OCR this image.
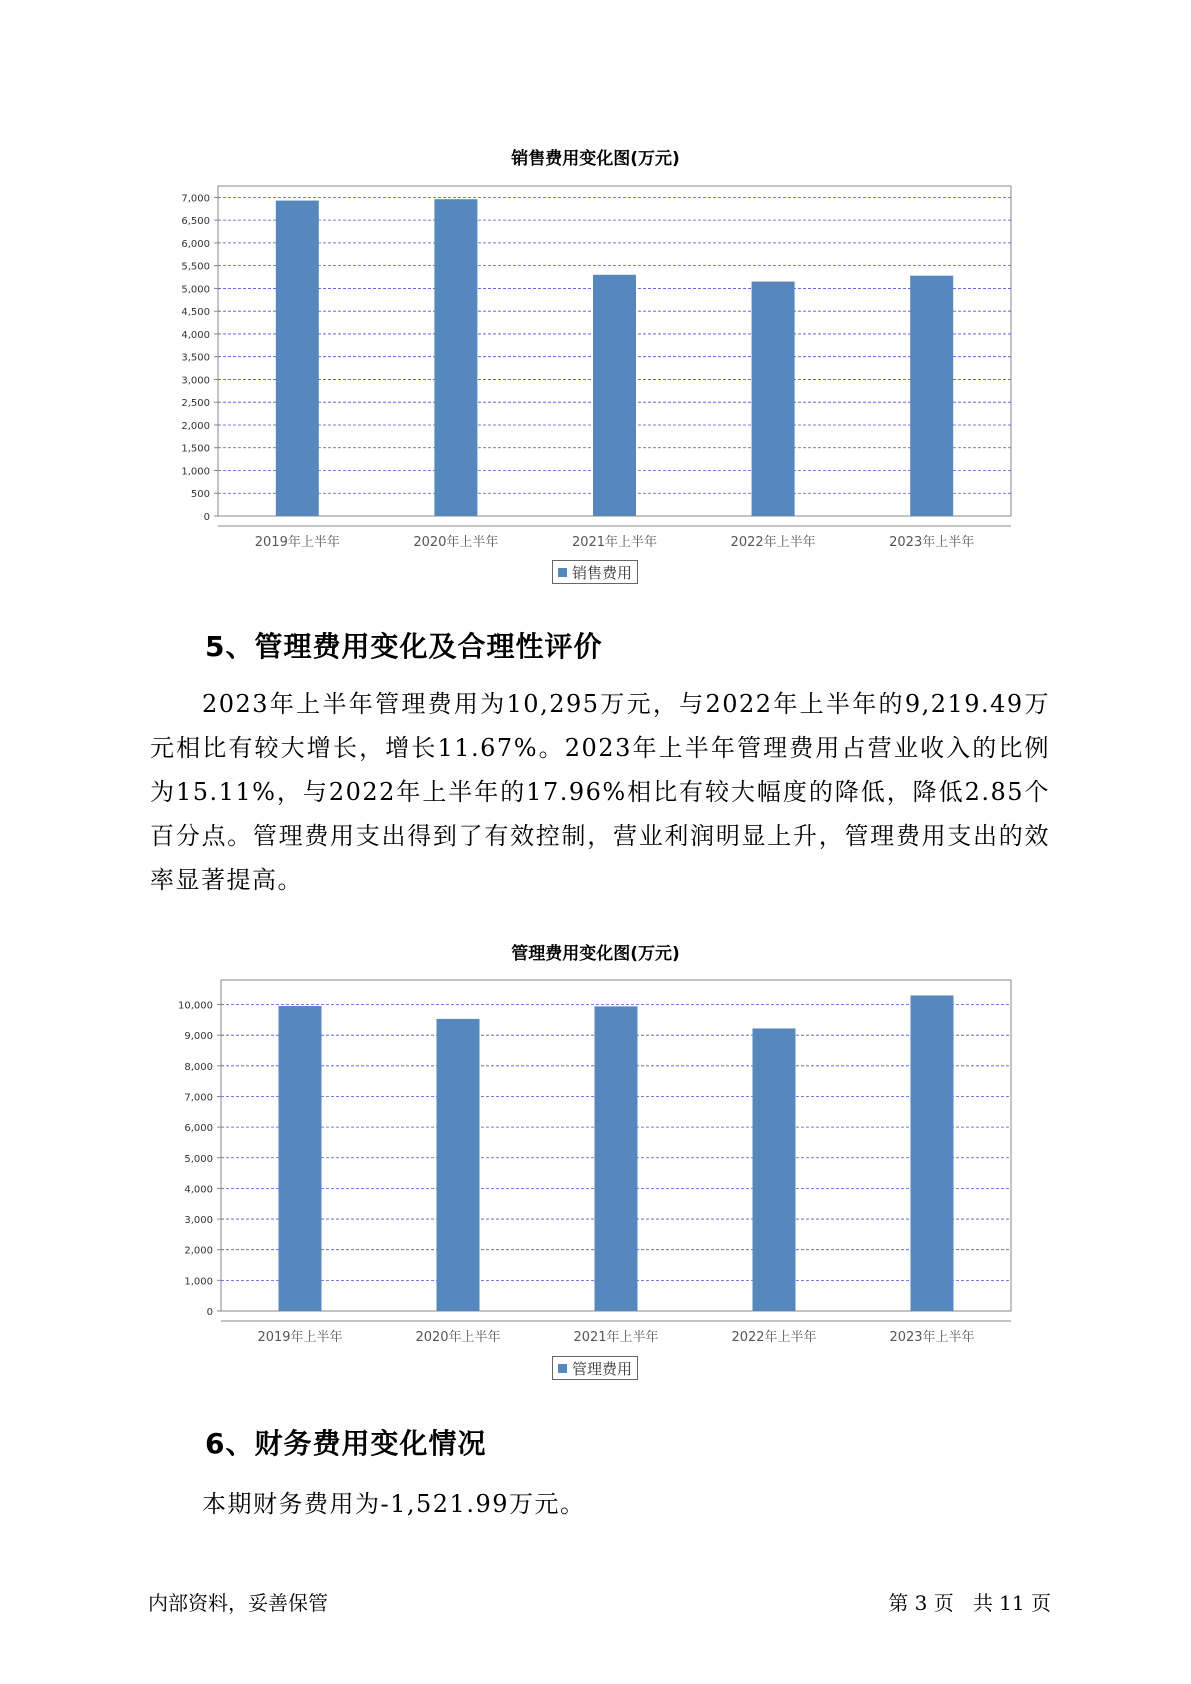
销售费用变化图(万元)
0
500
1,000
1,500
2,000
2,500
3,000
3,500
4,000
4,500
5,000
5,500
6,000
6,500
7,000
2019年上半年	2020年上半年	2021年上半年	2022年上半年	2023年上半年
销售费用
5、管理费用变化及合理性评价
2023年上半年管理费用为10,295万元，与2022年上半年的9,219.49万元相比有较大增长，增长11.67%。2023年上半年管理费用占营业收入的比例为15.11%，与2022年上半年的17.96%相比有较大幅度的降低，降低2.85个百分点。管理费用支出得到了有效控制，营业利润明显上升，管理费用支出的效率显著提高。
管理费用变化图(万元)
0
1,000
2,000
3,000
4,000
5,000
6,000
7,000
8,000
9,000
10,000
2019年上半年	2020年上半年	2021年上半年	2022年上半年	2023年上半年
管理费用
6、财务费用变化情况
本期财务费用为-1,521.99万元。
内部资料，妥善保管	第 3 页   共 11 页
